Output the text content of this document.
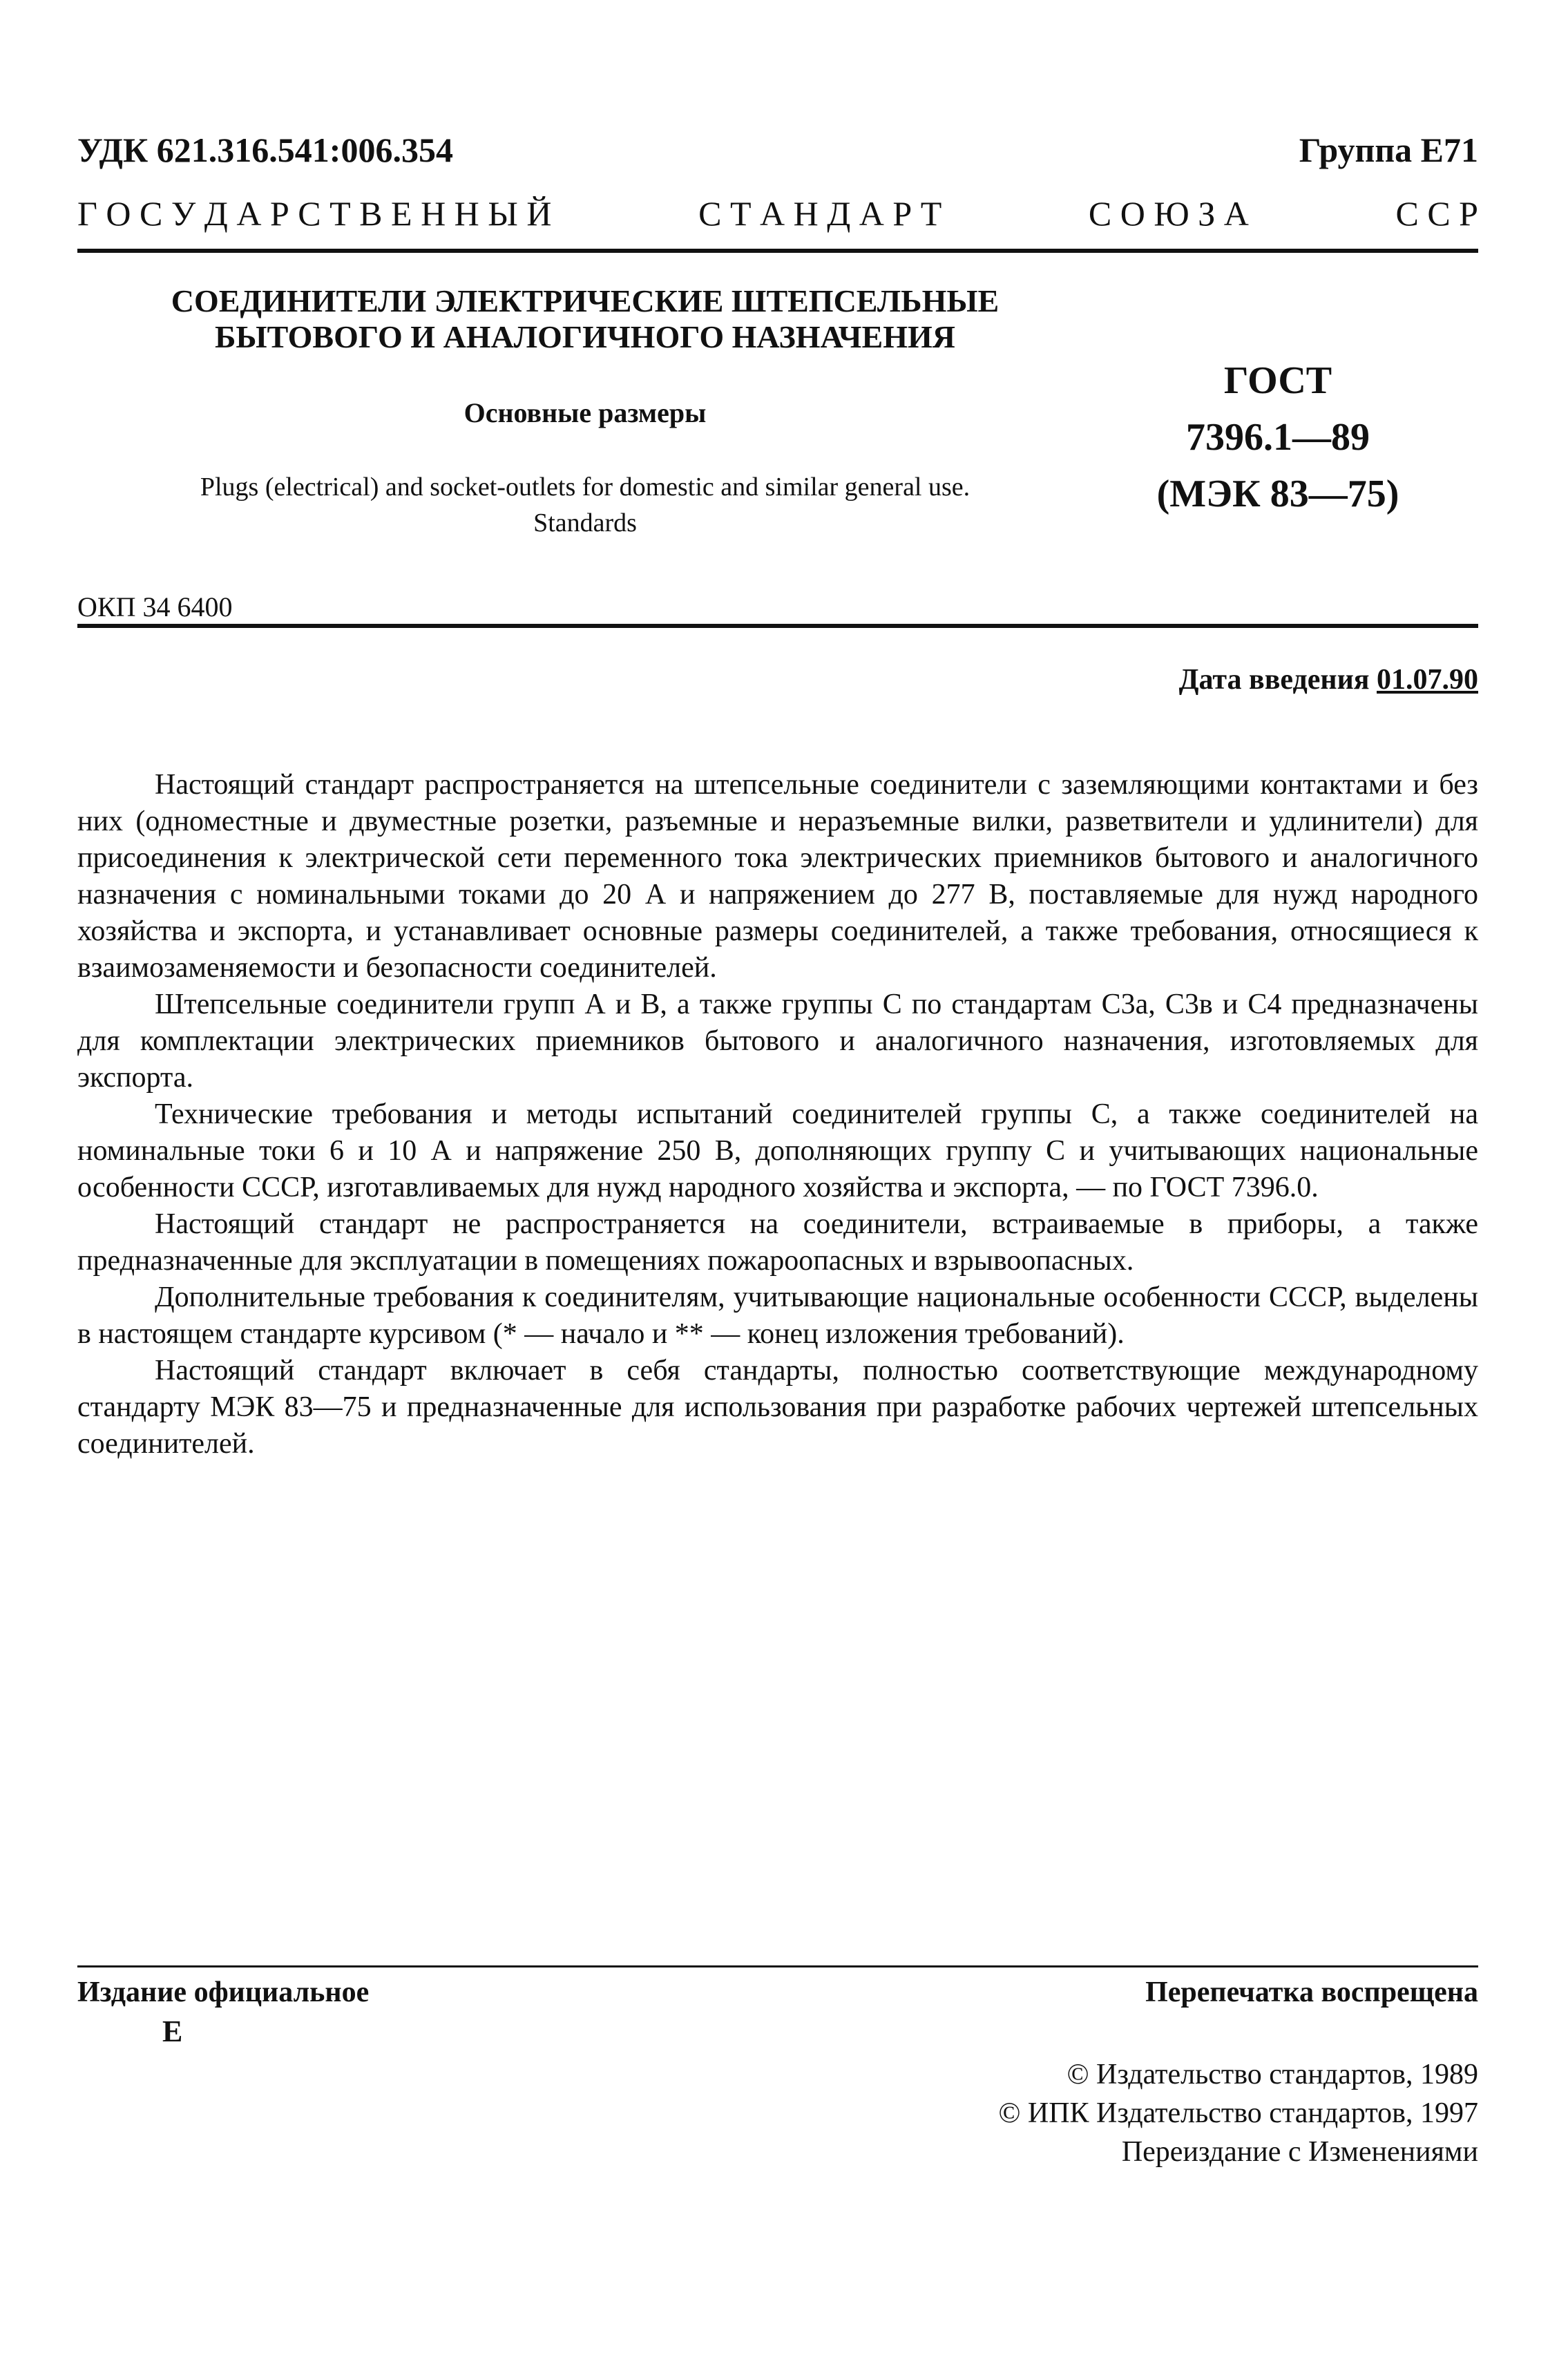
УДК 621.316.541:006.354	Группа Е71
Г О С У Д А Р С Т В Е Н Н Ы Й	С Т А Н Д А Р Т	С О Ю З А	С С Р
СОЕДИНИТЕЛИ ЭЛЕКТРИЧЕСКИЕ ШТЕПСЕЛЬНЫЕ
БЫТОВОГО И АНАЛОГИЧНОГО НАЗНАЧЕНИЯ
Основные размеры
Plugs (electrical) and socket-outlets for domestic and similar general use.
Standards
ГОСТ
7396.1—89
(МЭК 83—75)
ОКП 34 6400
Дата введения 01.07.90

Настоящий стандарт распространяется на штепсельные соединители с заземляющими контактами и без них (одноместные и двуместные розетки, разъемные и неразъемные вилки, разветвители и удлинители) для присоединения к электрической сети переменного тока электрических приемников бытового и аналогичного назначения с номинальными токами до 20 А и напряжением до 277 В, поставляемые для нужд народного хозяйства и экспорта, и устанавливает основные размеры соединителей, а также требования, относящиеся к взаимозаменяемости и безопасности соединителей.

Штепсельные соединители групп А и В, а также группы С по стандартам С3а, С3в и С4 предназначены для комплектации электрических приемников бытового и аналогичного назначения, изготовляемых для экспорта.

Технические требования и методы испытаний соединителей группы С, а также соединителей на номинальные токи 6 и 10 А и напряжение 250 В, дополняющих группу С и учитывающих национальные особенности СССР, изготавливаемых для нужд народного хозяйства и экспорта, — по ГОСТ 7396.0.

Настоящий стандарт не распространяется на соединители, встраиваемые в приборы, а также предназначенные для эксплуатации в помещениях пожароопасных и взрывоопасных.

Дополнительные требования к соединителям, учитывающие национальные особенности СССР, выделены в настоящем стандарте курсивом (* — начало и ** — конец изложения требований).

Настоящий стандарт включает в себя стандарты, полностью соответствующие международному стандарту МЭК 83—75 и предназначенные для использования при разработке рабочих чертежей штепсельных соединителей.

Издание официальное
Е
Перепечатка воспрещена
© Издательство стандартов, 1989
© ИПК Издательство стандартов, 1997
Переиздание с Изменениями
